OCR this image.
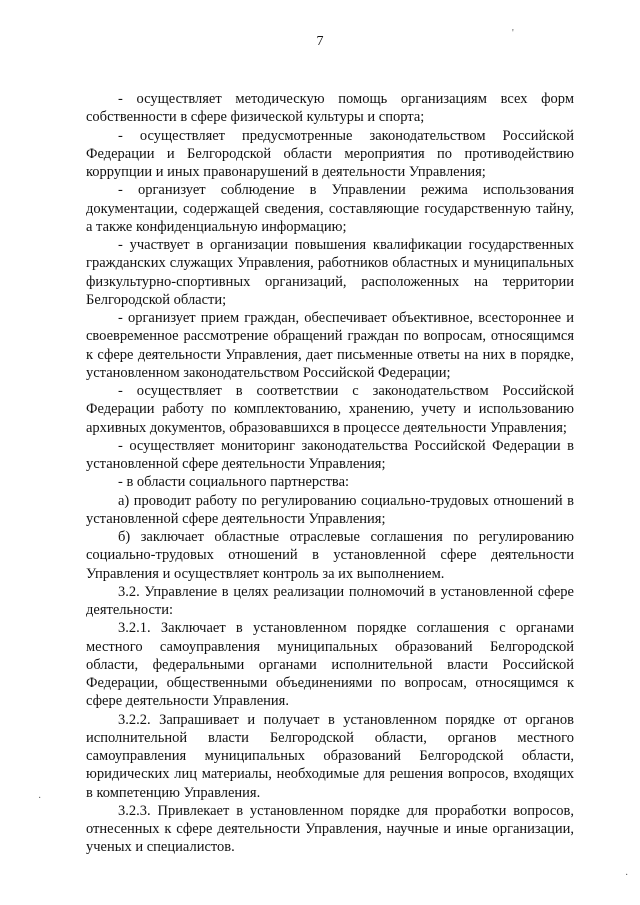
7

- осуществляет методическую помощь организациям всех форм собственности в сфере физической культуры и спорта;

- осуществляет предусмотренные законодательством Российской Федерации и Белгородской области мероприятия по противодействию коррупции и иных правонарушений в деятельности Управления;

- организует соблюдение в Управлении режима использования документации, содержащей сведения, составляющие государственную тайну, а также конфиденциальную информацию;

- участвует в организации повышения квалификации государственных гражданских служащих Управления, работников областных и муниципальных физкультурно-спортивных организаций, расположенных на территории Белгородской области;

- организует прием граждан, обеспечивает объективное, всестороннее и своевременное рассмотрение обращений граждан по вопросам, относящимся к сфере деятельности Управления, дает письменные ответы на них в порядке, установленном законодательством Российской Федерации;

- осуществляет в соответствии с законодательством Российской Федерации работу по комплектованию, хранению, учету и использованию архивных документов, образовавшихся в процессе деятельности Управления;

- осуществляет мониторинг законодательства Российской Федерации в установленной сфере деятельности Управления;

- в области социального партнерства:

а) проводит работу по регулированию социально-трудовых отношений в установленной сфере деятельности Управления;

б) заключает областные отраслевые соглашения по регулированию социально-трудовых отношений в установленной сфере деятельности Управления и осуществляет контроль за их выполнением.

3.2. Управление в целях реализации полномочий в установленной сфере деятельности:

3.2.1. Заключает в установленном порядке соглашения с органами местного самоуправления муниципальных образований Белгородской области, федеральными органами исполнительной власти Российской Федерации, общественными объединениями по вопросам, относящимся к сфере деятельности Управления.

3.2.2. Запрашивает и получает в установленном порядке от органов исполнительной власти Белгородской области, органов местного самоуправления муниципальных образований Белгородской области, юридических лиц материалы, необходимые для решения вопросов, входящих в компетенцию Управления.

3.2.3. Привлекает в установленном порядке для проработки вопросов, отнесенных к сфере деятельности Управления, научные и иные организации, ученых и специалистов.

'
·
·
